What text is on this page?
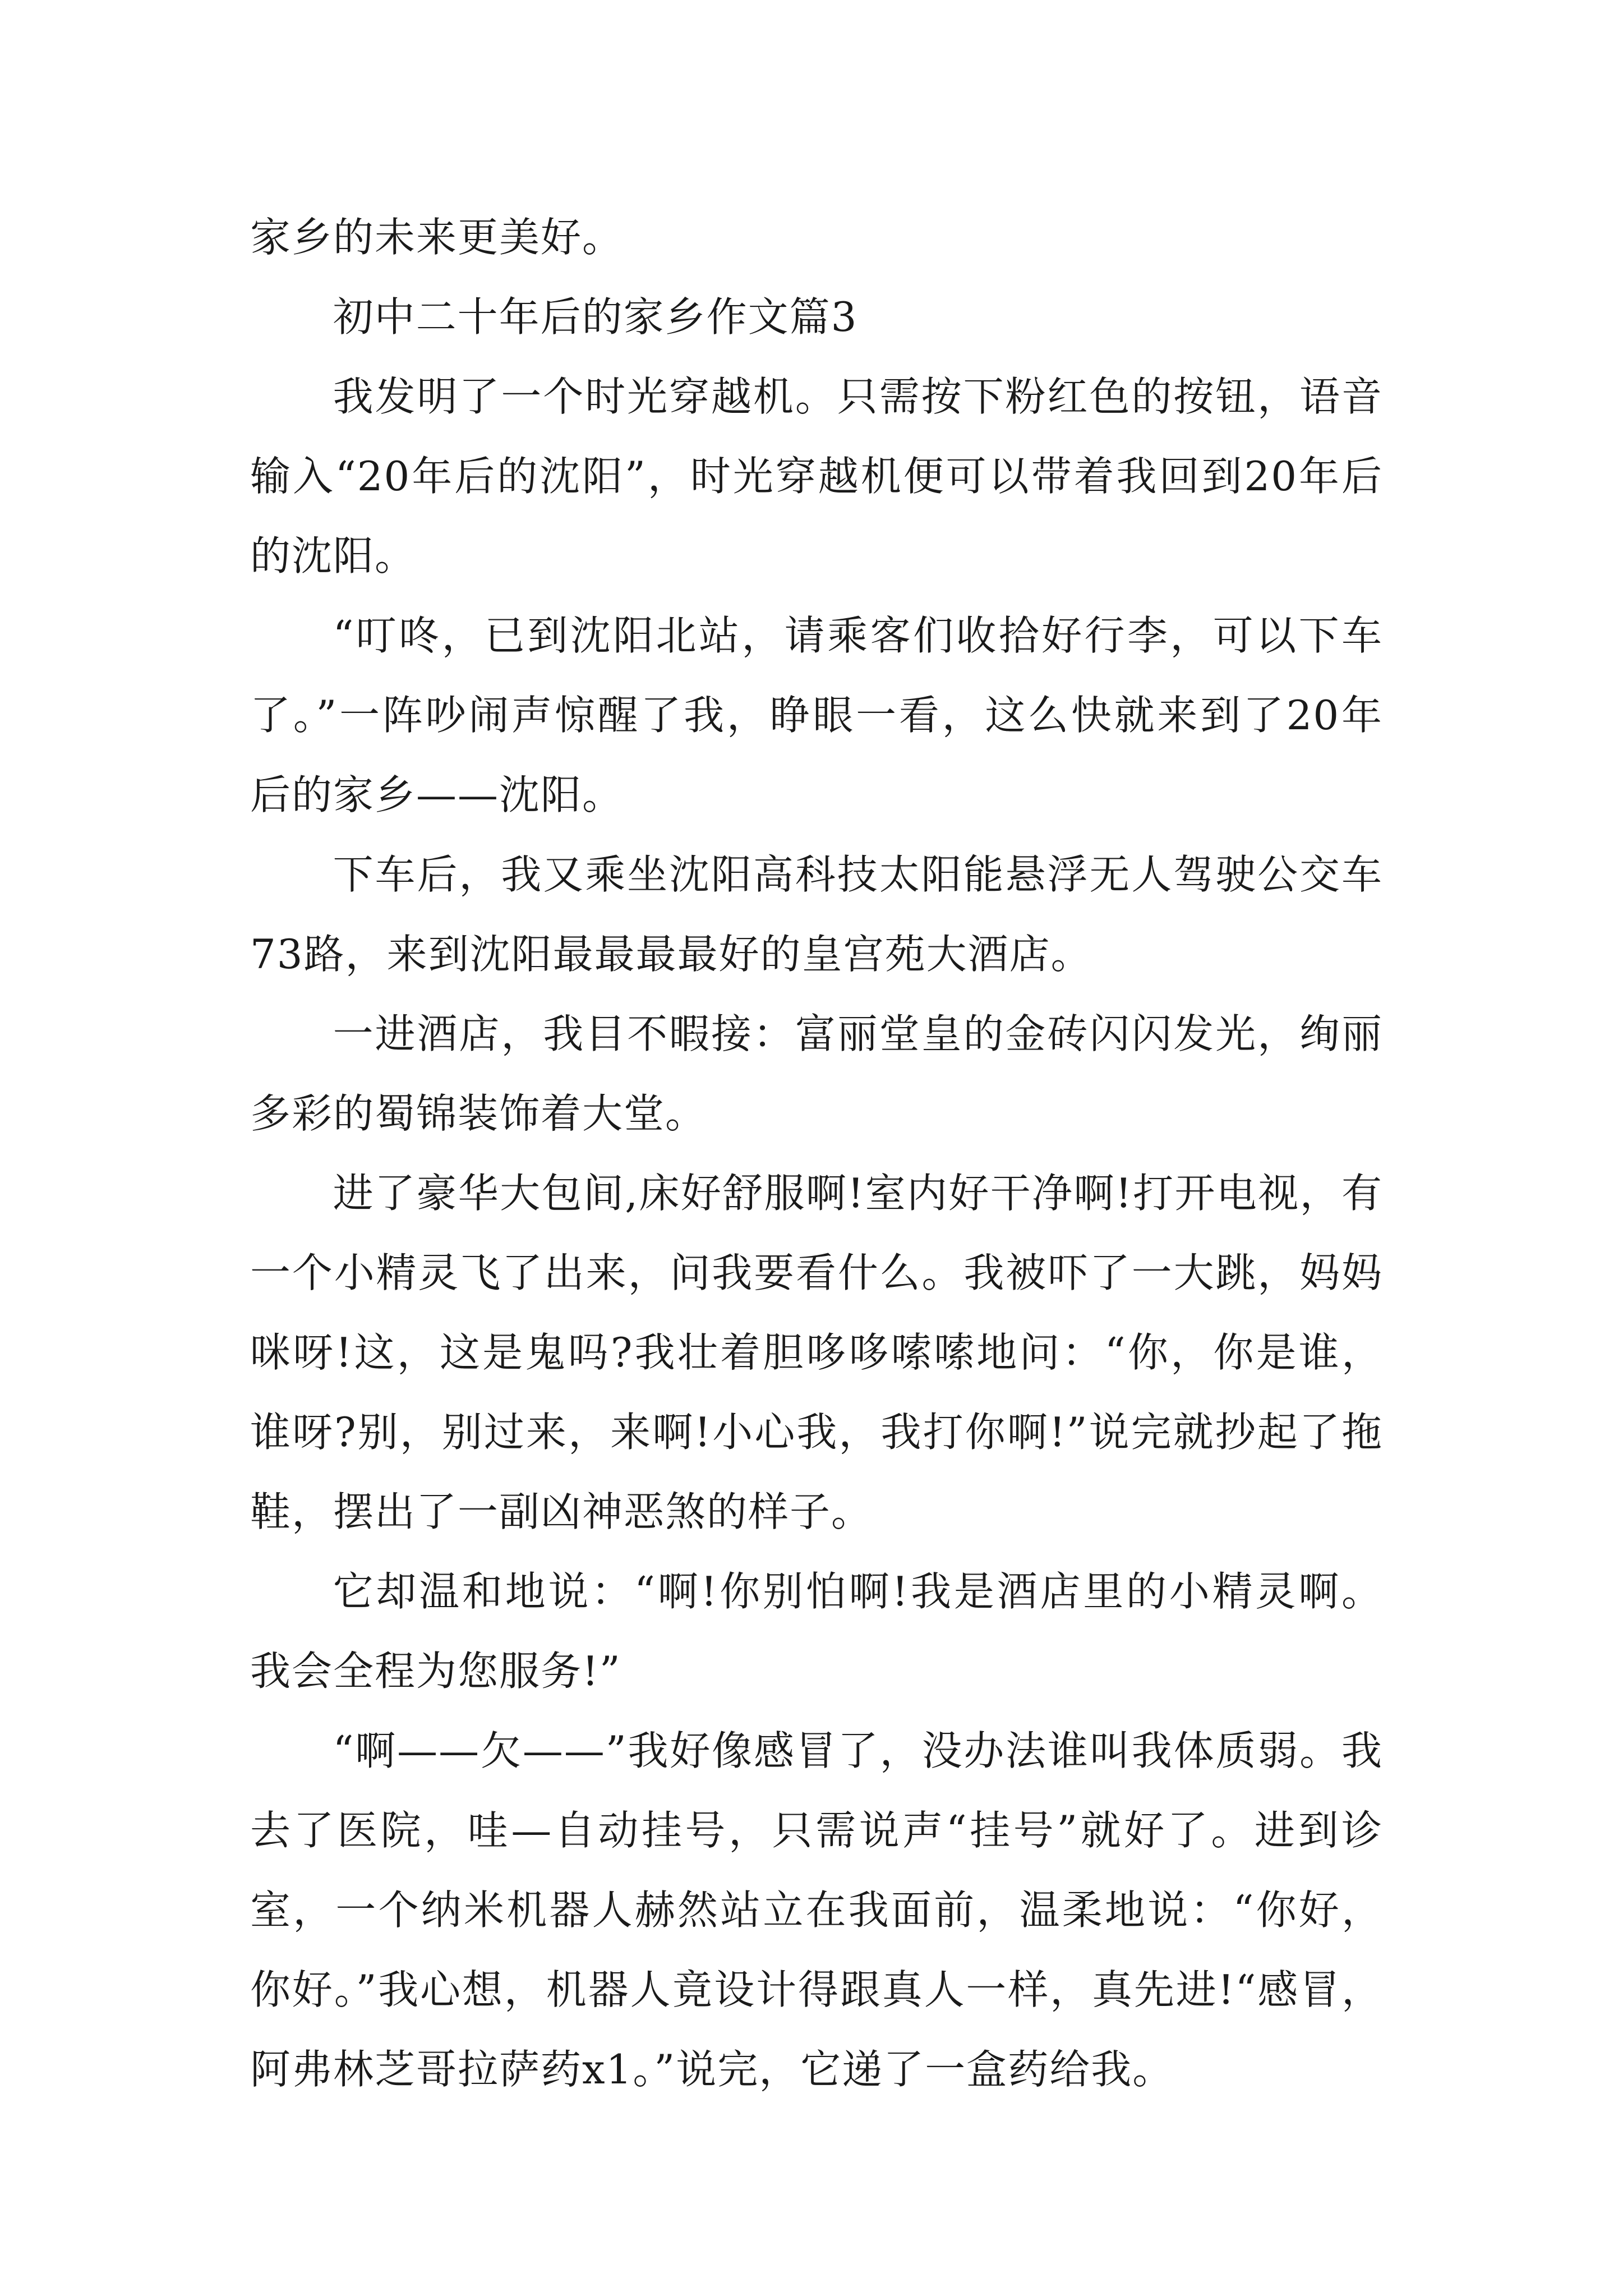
家乡的未来更美好。

初中二十年后的家乡作文篇3

我发明了一个时光穿越机。只需按下粉红色的按钮，语音输入“20年后的沈阳”，时光穿越机便可以带着我回到20年后的沈阳。

“叮咚，已到沈阳北站，请乘客们收拾好行李，可以下车了。”一阵吵闹声惊醒了我，睁眼一看，这么快就来到了20年后的家乡——沈阳。

下车后，我又乘坐沈阳高科技太阳能悬浮无人驾驶公交车73路，来到沈阳最最最最好的皇宫苑大酒店。

一进酒店，我目不暇接：富丽堂皇的金砖闪闪发光，绚丽多彩的蜀锦装饰着大堂。

进了豪华大包间,床好舒服啊!室内好干净啊!打开电视，有一个小精灵飞了出来，问我要看什么。我被吓了一大跳，妈妈咪呀!这，这是鬼吗?我壮着胆哆哆嗦嗦地问：“你，你是谁，谁呀?别，别过来，来啊!小心我，我打你啊!”说完就抄起了拖鞋，摆出了一副凶神恶煞的样子。

它却温和地说：“啊!你别怕啊!我是酒店里的小精灵啊。我会全程为您服务!”

“啊——欠——”我好像感冒了，没办法谁叫我体质弱。我去了医院，哇—自动挂号，只需说声“挂号”就好了。进到诊室，一个纳米机器人赫然站立在我面前，温柔地说：“你好，你好。”我心想，机器人竟设计得跟真人一样，真先进!“感冒，阿弗林芝哥拉萨药x1。”说完，它递了一盒药给我。
